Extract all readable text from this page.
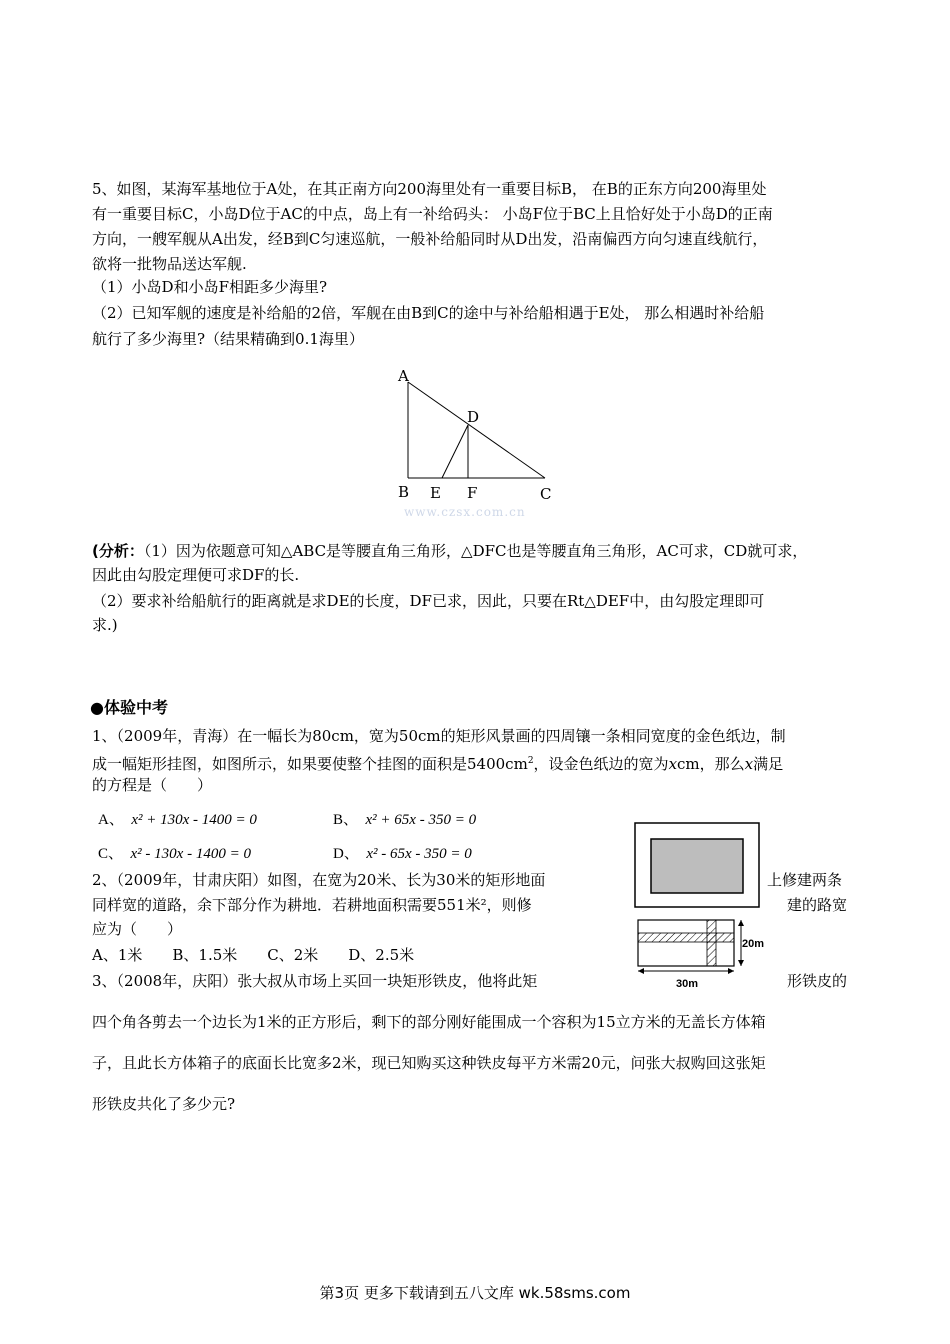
5、如图，某海军基地位于A处，在其正南方向200海里处有一重要目标B， 在B的正东方向200海里处
有一重要目标C，小岛D位于AC的中点，岛上有一补给码头： 小岛F位于BC上且恰好处于小岛D的正南
方向，一艘军舰从A出发，经B到C匀速巡航，一般补给船同时从D出发，沿南偏西方向匀速直线航行，
欲将一批物品送达军舰.
（1）小岛D和小岛F相距多少海里?
（2）已知军舰的速度是补给船的2倍，军舰在由B到C的途中与补给船相遇于E处， 那么相遇时补给船
航行了多少海里?（结果精确到0.1海里）
A
D
B E F	C
www.czsx.com.cn
(分析：（1）因为依题意可知△ABC是等腰直角三角形，△DFC也是等腰直角三角形，AC可求，CD就可求，
因此由勾股定理便可求DF的长.
（2）要求补给船航行的距离就是求DE的长度，DF已求，因此，只要在Rt△DEF中，由勾股定理即可
求.)
●体验中考
1、（2009年，青海）在一幅长为80cm，宽为50cm的矩形风景画的四周镶一条相同宽度的金色纸边，制
成一幅矩形挂图，如图所示，如果要使整个挂图的面积是$5400cm^2$，设金色纸边的宽为xcm，那么x满足
的方程是（　　）
A、 x² + 130x - 1400 = 0	B、 x² + 65x - 350 = 0
C、 x² - 130x - 1400 = 0	D、 x² - 65x - 350 = 0
2、（2009年，甘肃庆阳）如图，在宽为20米、长为30米的矩形地面	上修建两条
同样宽的道路，余下部分作为耕地．若耕地面积需要551米²，则修	建的路宽
应为（　　）
A、1米　　B、1.5米　　C、2米　　D、2.5米
20m
30m
3、（2008年，庆阳）张大叔从市场上买回一块矩形铁皮，他将此矩	形铁皮的
四个角各剪去一个边长为1米的正方形后，剩下的部分刚好能围成一个容积为15立方米的无盖长方体箱
子，且此长方体箱子的底面长比宽多2米，现已知购买这种铁皮每平方米需20元，问张大叔购回这张矩
形铁皮共化了多少元?
第3页 更多下载请到五八文库 wk.58sms.com
